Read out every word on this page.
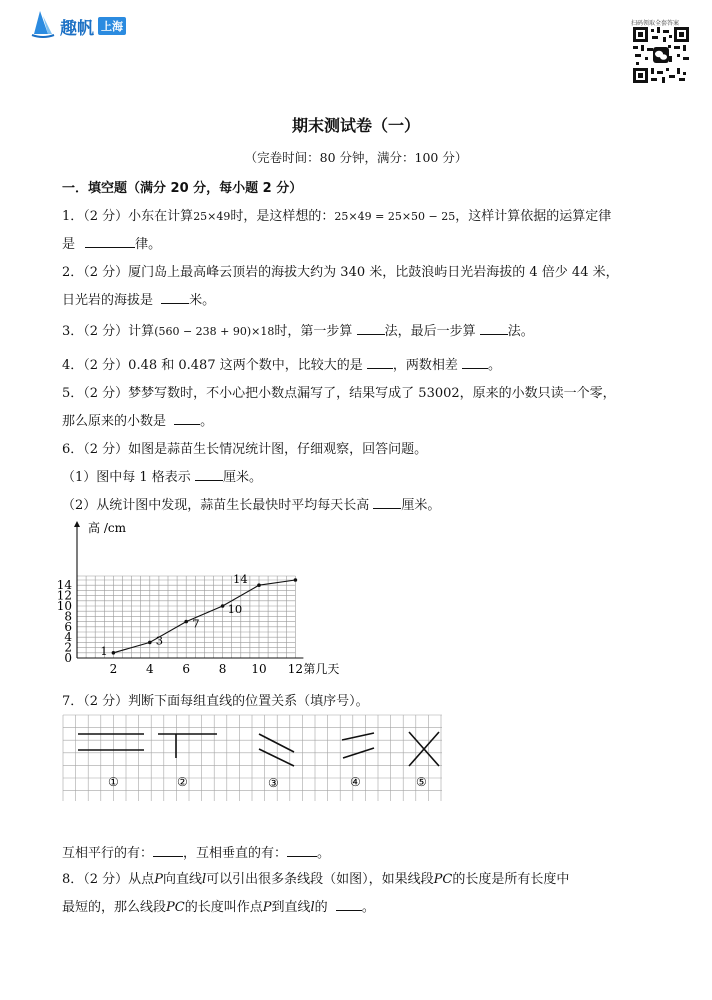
趣帆 上海	扫码领取全套答案
期末测试卷（一）
（完卷时间：80 分钟，满分：100 分）
一．填空题（满分 20 分，每小题 2 分）
1．（2 分）小东在计算25×49时，是这样想的：25×49 = 25×50 − 25，这样计算依据的运算定律
是	律。
2．（2 分）厦门岛上最高峰云顶岩的海拔大约为 340 米，比鼓浪屿日光岩海拔的 4 倍少 44 米，
日光岩的海拔是	米。
3．（2 分）计算(560 − 238 + 90)×18时，第一步算 法，最后一步算 法。
4．（2 分）0.48 和 0.487 这两个数中，比较大的是 ，两数相差 。
5．（2 分）梦梦写数时，不小心把小数点漏写了，结果写成了 53002，原来的小数只读一个零，
那么原来的小数是	。
6．（2 分）如图是蒜苗生长情况统计图，仔细观察，回答问题。
（1）图中每 1 格表示 厘米。
（2）从统计图中发现，蒜苗生长最快时平均每天长高 厘米。
0
2
4
6
8
10
12
14
2 4 6 8 10 12
高 /cm
第几天
1
3
7
10
14
7．（2 分）判断下面每组直线的位置关系（填序号）。
①	②	③	④	⑤
互相平行的有： ，互相垂直的有： 。
8．（2 分）从点P向直线l可以引出很多条线段（如图），如果线段PC的长度是所有长度中
最短的，那么线段PC的长度叫作点P到直线l的	。
